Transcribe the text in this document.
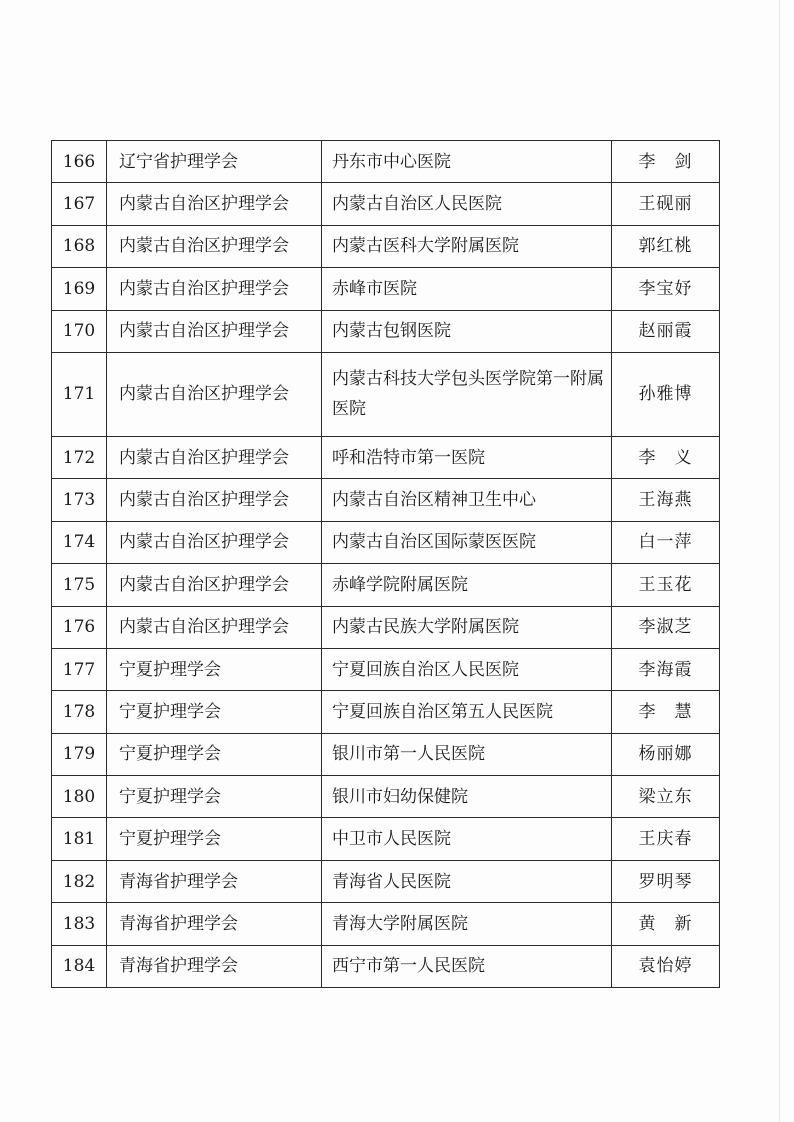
166	辽宁省护理学会	丹东市中心医院	李　剑
167	内蒙古自治区护理学会	内蒙古自治区人民医院	王砚丽
168	内蒙古自治区护理学会	内蒙古医科大学附属医院	郭红桃
169	内蒙古自治区护理学会	赤峰市医院	李宝妤
170	内蒙古自治区护理学会	内蒙古包钢医院	赵丽霞
171	内蒙古自治区护理学会	内蒙古科技大学包头医学院第一附属医院	孙雅博
172	内蒙古自治区护理学会	呼和浩特市第一医院	李　义
173	内蒙古自治区护理学会	内蒙古自治区精神卫生中心	王海燕
174	内蒙古自治区护理学会	内蒙古自治区国际蒙医医院	白一萍
175	内蒙古自治区护理学会	赤峰学院附属医院	王玉花
176	内蒙古自治区护理学会	内蒙古民族大学附属医院	李淑芝
177	宁夏护理学会	宁夏回族自治区人民医院	李海霞
178	宁夏护理学会	宁夏回族自治区第五人民医院	李　慧
179	宁夏护理学会	银川市第一人民医院	杨丽娜
180	宁夏护理学会	银川市妇幼保健院	梁立东
181	宁夏护理学会	中卫市人民医院	王庆春
182	青海省护理学会	青海省人民医院	罗明琴
183	青海省护理学会	青海大学附属医院	黄　新
184	青海省护理学会	西宁市第一人民医院	袁怡婷
